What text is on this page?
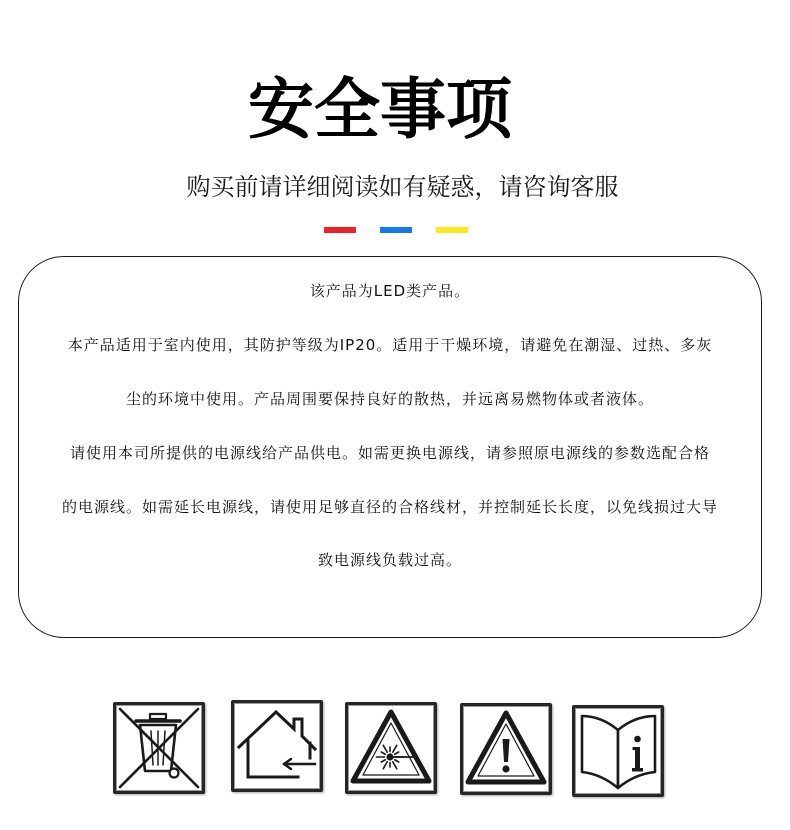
安全事项
购买前请详细阅读如有疑惑，请咨询客服
该产品为LED类产品。
本产品适用于室内使用，其防护等级为IP20。适用于干燥环境，请避免在潮湿、过热、多灰
尘的环境中使用。产品周围要保持良好的散热，并远离易燃物体或者液体。
请使用本司所提供的电源线给产品供电。如需更换电源线，请参照原电源线的参数选配合格
的电源线。如需延长电源线，请使用足够直径的合格线材，并控制延长长度，以免线损过大导
致电源线负载过高。
